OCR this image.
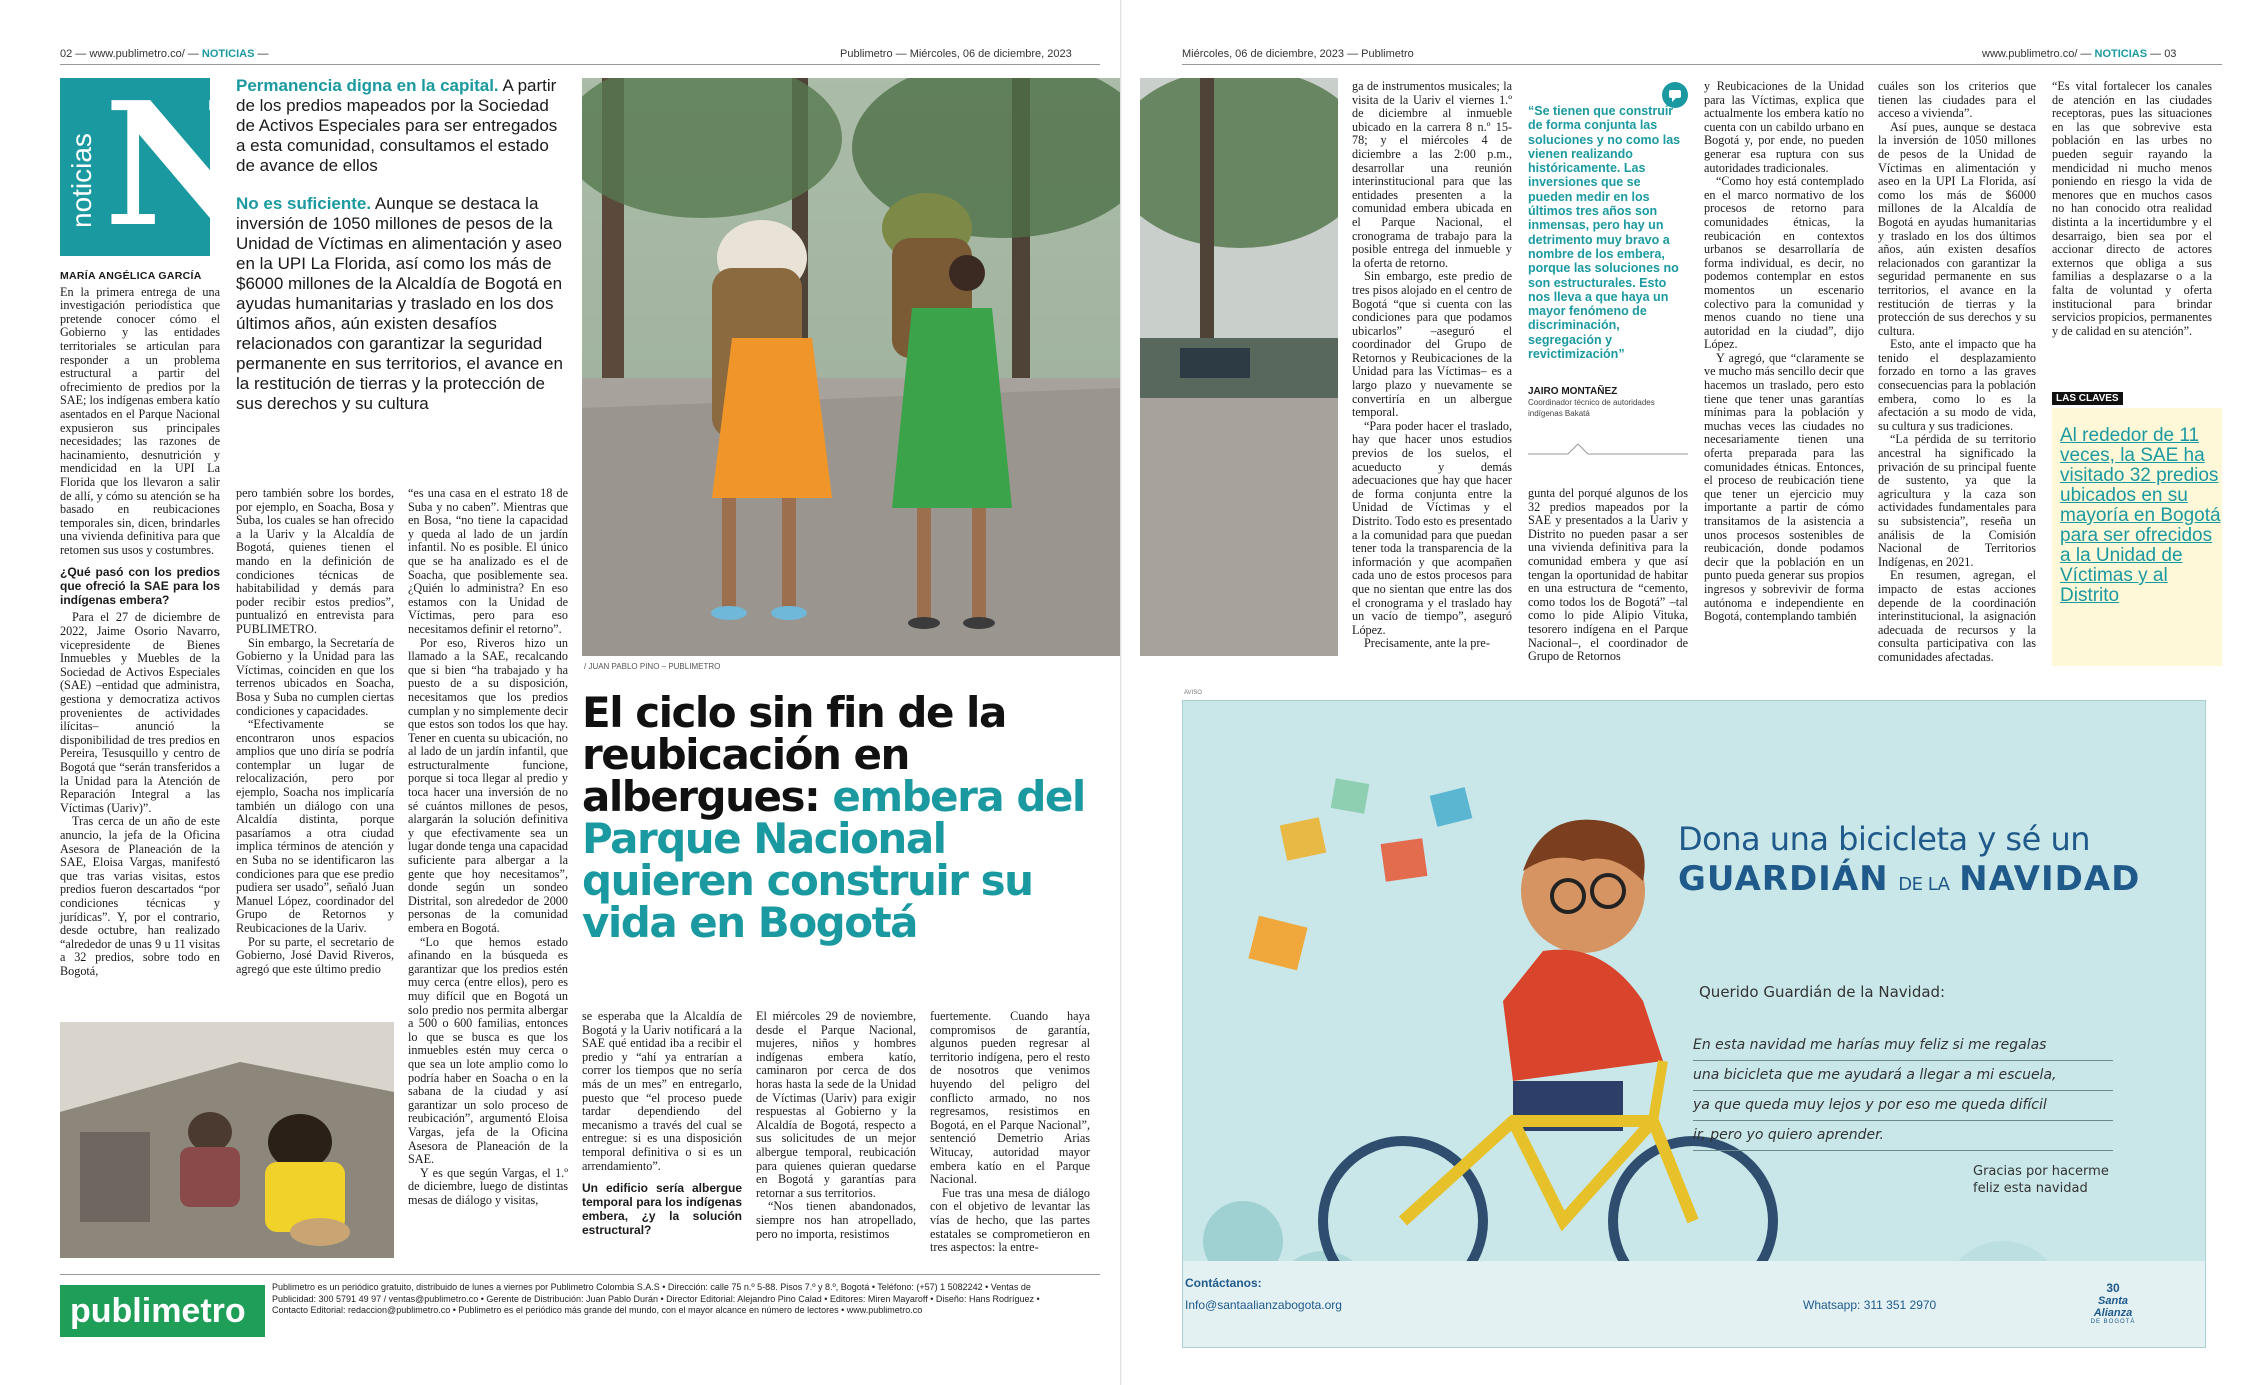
02 — www.publimetro.co/ — NOTICIAS —	Publimetro — Miércoles, 06 de diciembre, 2023
noticias N
Permanencia digna en la capital. A partir de los predios mapeados por la Sociedad de Activos Especiales para ser entregados a esta comunidad, consultamos el estado de avance de ellos
No es suficiente. Aunque se destaca la inversión de 1050 millones de pesos de la Unidad de Víctimas en alimentación y aseo en la UPI La Florida, así como los más de $6000 millones de la Alcaldía de Bogotá en ayudas humanitarias y traslado en los dos últimos años, aún existen desafíos relacionados con garantizar la seguridad permanente en sus territorios, el avance en la restitución de tierras y la protección de sus derechos y su cultura
MARÍA ANGÉLICA GARCÍA

En la primera entrega de una investigación periodística que pretende conocer cómo el Gobierno y las entidades territoriales se articulan para responder a un problema estructural a partir del ofrecimiento de predios por la SAE; los indígenas embera katío asentados en el Parque Nacional expusieron sus principales necesidades; las razones de hacinamiento, desnutrición y mendicidad en la UPI La Florida que los llevaron a salir de allí, y cómo su atención se ha basado en reubicaciones temporales sin, dicen, brindarles una vivienda definitiva para que retomen sus usos y costumbres.

¿Qué pasó con los predios que ofreció la SAE para los indígenas embera?

Para el 27 de diciembre de 2022, Jaime Osorio Navarro, vicepresidente de Bienes Inmuebles y Muebles de la Sociedad de Activos Especiales (SAE) –entidad que administra, gestiona y democratiza activos provenientes de actividades ilícitas– anunció la disponibilidad de tres predios en Pereira, Tesusquillo y centro de Bogotá que “serán transferidos a la Unidad para la Atención de Reparación Integral a las Víctimas (Uariv)”.

Tras cerca de un año de este anuncio, la jefa de la Oficina Asesora de Planeación de la SAE, Eloisa Vargas, manifestó que tras varias visitas, estos predios fueron descartados “por condiciones técnicas y jurídicas”. Y, por el contrario, desde octubre, han realizado “alrededor de unas 9 u 11 visitas a 32 predios, sobre todo en Bogotá,

pero también sobre los bordes, por ejemplo, en Soacha, Bosa y Suba, los cuales se han ofrecido a la Uariv y la Alcaldía de Bogotá, quienes tienen el mando en la definición de condiciones técnicas de habitabilidad y demás para poder recibir estos predios”, puntualizó en entrevista para PUBLIMETRO.

Sin embargo, la Secretaría de Gobierno y la Unidad para las Víctimas, coinciden en que los terrenos ubicados en Soacha, Bosa y Suba no cumplen ciertas condiciones y capacidades.

“Efectivamente se encontraron unos espacios amplios que uno diría se podría contemplar un lugar de relocalización, pero por ejemplo, Soacha nos implicaría también un diálogo con una Alcaldía distinta, porque pasaríamos a otra ciudad implica términos de atención y en Suba no se identificaron las condiciones para que ese predio pudiera ser usado”, señaló Juan Manuel López, coordinador del Grupo de Retornos y Reubicaciones de la Uariv.

Por su parte, el secretario de Gobierno, José David Riveros, agregó que este último predio

“es una casa en el estrato 18 de Suba y no caben”. Mientras que en Bosa, “no tiene la capacidad y queda al lado de un jardín infantil. No es posible. El único que se ha analizado es el de Soacha, que posiblemente sea. ¿Quién lo administra? En eso estamos con la Unidad de Víctimas, pero para eso necesitamos definir el retorno”.

Por eso, Riveros hizo un llamado a la SAE, recalcando que si bien “ha trabajado y ha puesto de a su disposición, necesitamos que los predios cumplan y no simplemente decir que estos son todos los que hay. Tener en cuenta su ubicación, no al lado de un jardín infantil, que estructuralmente funcione, porque si toca llegar al predio y toca hacer una inversión de no sé cuántos millones de pesos, alargarán la solución definitiva y que efectivamente sea un lugar donde tenga una capacidad suficiente para albergar a la gente que hoy necesitamos”, donde según un sondeo Distrital, son alrededor de 2000 personas de la comunidad embera en Bogotá.

“Lo que hemos estado afinando en la búsqueda es garantizar que los predios estén muy cerca (entre ellos), pero es muy difícil que en Bogotá un solo predio nos permita albergar a 500 o 600 familias, entonces lo que se busca es que los inmuebles estén muy cerca o que sea un lote amplio como lo podría haber en Soacha o en la sabana de la ciudad y así garantizar un solo proceso de reubicación”, argumentó Eloisa Vargas, jefa de la Oficina Asesora de Planeación de la SAE.

Y es que según Vargas, el 1.º de diciembre, luego de distintas mesas de diálogo y visitas,

/ JUAN PABLO PINO – PUBLIMETRO
El ciclo sin fin de la reubicación en albergues: embera del Parque Nacional quieren construir su vida en Bogotá

se esperaba que la Alcaldía de Bogotá y la Uariv notificará a la SAE qué entidad iba a recibir el predio y “ahí ya entrarían a correr los tiempos que no sería más de un mes” en entregarlo, puesto que “el proceso puede tardar dependiendo del mecanismo a través del cual se entregue: si es una disposición temporal definitiva o si es un arrendamiento”.

Un edificio sería albergue temporal para los indígenas embera, ¿y la solución estructural?

El miércoles 29 de noviembre, desde el Parque Nacional, mujeres, niños y hombres indígenas embera katío, caminaron por cerca de dos horas hasta la sede de la Unidad de Víctimas (Uariv) para exigir respuestas al Gobierno y la Alcaldía de Bogotá, respecto a sus solicitudes de un mejor albergue temporal, reubicación para quienes quieran quedarse en Bogotá y garantías para retornar a sus territorios.

“Nos tienen abandonados, siempre nos han atropellado, pero no importa, resistimos

fuertemente. Cuando haya compromisos de garantía, algunos pueden regresar al territorio indígena, pero el resto de nosotros que venimos huyendo del peligro del conflicto armado, no nos regresamos, resistimos en Bogotá, en el Parque Nacional”, sentenció Demetrio Arias Witucay, autoridad mayor embera katío en el Parque Nacional.

Fue tras una mesa de diálogo con el objetivo de levantar las vías de hecho, que las partes estatales se comprometieron en tres aspectos: la entre-

publimetro
Publimetro es un periódico gratuito, distribuido de lunes a viernes por Publimetro Colombia S.A.S • Dirección: calle 75 n.º 5-88. Pisos 7.º y 8.º, Bogotá • Teléfono: (+57) 1 5082242 • Ventas de Publicidad: 300 5791 49 97 / ventas@publimetro.co • Gerente de Distribución: Juan Pablo Durán • Director Editorial: Alejandro Pino Calad • Editores: Miren Mayaroff • Diseño: Hans Rodríguez • Contacto Editorial: redaccion@publimetro.co • Publimetro es el periódico más grande del mundo, con el mayor alcance en número de lectores • www.publimetro.co
Miércoles, 06 de diciembre, 2023 — Publimetro	www.publimetro.co/ — NOTICIAS — 03

ga de instrumentos musicales; la visita de la Uariv el viernes 1.º de diciembre al inmueble ubicado en la carrera 8 n.º 15-78; y el miércoles 4 de diciembre a las 2:00 p.m., desarrollar una reunión interinstitucional para que las entidades presenten a la comunidad embera ubicada en el Parque Nacional, el cronograma de trabajo para la posible entrega del inmueble y la oferta de retorno.

Sin embargo, este predio de tres pisos alojado en el centro de Bogotá “que si cuenta con las condiciones para que podamos ubicarlos” –aseguró el coordinador del Grupo de Retornos y Reubicaciones de la Unidad para las Víctimas– es a largo plazo y nuevamente se convertiría en un albergue temporal.

“Para poder hacer el traslado, hay que hacer unos estudios previos de los suelos, el acueducto y demás adecuaciones que hay que hacer de forma conjunta entre la Unidad de Víctimas y el Distrito. Todo esto es presentado a la comunidad para que puedan tener toda la transparencia de la información y que acompañen cada uno de estos procesos para que no sientan que entre las dos el cronograma y el traslado hay un vacío de tiempo”, aseguró López.

Precisamente, ante la pre-

“Se tienen que construir de forma conjunta las soluciones y no como las vienen realizando históricamente. Las inversiones que se pueden medir en los últimos tres años son inmensas, pero hay un detrimento muy bravo a nombre de los embera, porque las soluciones no son estructurales. Esto nos lleva a que haya un mayor fenómeno de discriminación, segregación y revictimización”
JAIRO MONTAÑEZ
Coordinador técnico de autoridades indígenas Bakatá

gunta del porqué algunos de los 32 predios mapeados por la SAE y presentados a la Uariv y Distrito no pueden pasar a ser una vivienda definitiva para la comunidad embera y que así tengan la oportunidad de habitar en una estructura de “cemento, como todos los de Bogotá” –tal como lo pide Alipio Vituka, tesorero indígena en el Parque Nacional–, el coordinador de Grupo de Retornos

y Reubicaciones de la Unidad para las Víctimas, explica que actualmente los embera katío no cuenta con un cabildo urbano en Bogotá y, por ende, no pueden generar esa ruptura con sus autoridades tradicionales.

“Como hoy está contemplado en el marco normativo de los procesos de retorno para comunidades étnicas, la reubicación en contextos urbanos se desarrollaría de forma individual, es decir, no podemos contemplar en estos momentos un escenario colectivo para la comunidad y menos cuando no tiene una autoridad en la ciudad”, dijo López.

Y agregó, que “claramente se ve mucho más sencillo decir que hacemos un traslado, pero esto tiene que tener unas garantías mínimas para la población y muchas veces las ciudades no necesariamente tienen una oferta preparada para las comunidades étnicas. Entonces, el proceso de reubicación tiene que tener un ejercicio muy importante a partir de cómo transitamos de la asistencia a unos procesos sostenibles de reubicación, donde podamos decir que la población en un punto pueda generar sus propios ingresos y sobrevivir de forma autónoma e independiente en Bogotá, contemplando también

cuáles son los criterios que tienen las ciudades para el acceso a vivienda”.

Así pues, aunque se destaca la inversión de 1050 millones de pesos de la Unidad de Víctimas en alimentación y aseo en la UPI La Florida, así como los más de $6000 millones de la Alcaldía de Bogotá en ayudas humanitarias y traslado en los dos últimos años, aún existen desafíos relacionados con garantizar la seguridad permanente en sus territorios, el avance en la restitución de tierras y la protección de sus derechos y su cultura.

Esto, ante el impacto que ha tenido el desplazamiento forzado en torno a las graves consecuencias para la población embera, como lo es la afectación a su modo de vida, su cultura y sus tradiciones.

“La pérdida de su territorio ancestral ha significado la privación de su principal fuente de sustento, ya que la agricultura y la caza son actividades fundamentales para su subsistencia”, reseña un análisis de la Comisión Nacional de Territorios Indígenas, en 2021.

En resumen, agregan, el impacto de estas acciones depende de la coordinación interinstitucional, la asignación adecuada de recursos y la consulta participativa con las comunidades afectadas.

“Es vital fortalecer los canales de atención en las ciudades receptoras, pues las situaciones en las que sobrevive esta población en las urbes no pueden seguir rayando la mendicidad ni mucho menos poniendo en riesgo la vida de menores que en muchos casos no han conocido otra realidad distinta a la incertidumbre y el desarraigo, bien sea por el accionar directo de actores externos que obliga a sus familias a desplazarse o a la falta de voluntad y oferta institucional para brindar servicios propicios, permanentes y de calidad en su atención”.

LAS CLAVES
Al rededor de 11 veces, la SAE ha visitado 32 predios ubicados en su mayoría en Bogotá para ser ofrecidos a la Unidad de Víctimas y al Distrito
AVISO
Dona una bicicleta y sé un
GUARDIÁN DE LA NAVIDAD
Querido Guardián de la Navidad:
En esta navidad me harías muy feliz si me regalas
una bicicleta que me ayudará a llegar a mi escuela,
ya que queda muy lejos y por eso me queda difícil
ir, pero yo quiero aprender.
Gracias por hacerme feliz esta navidad
Contáctanos:
Info@santaalianzabogota.org	Whatsapp: 311 351 2970
30
Santa Alianza
DE BOGOTÁ
